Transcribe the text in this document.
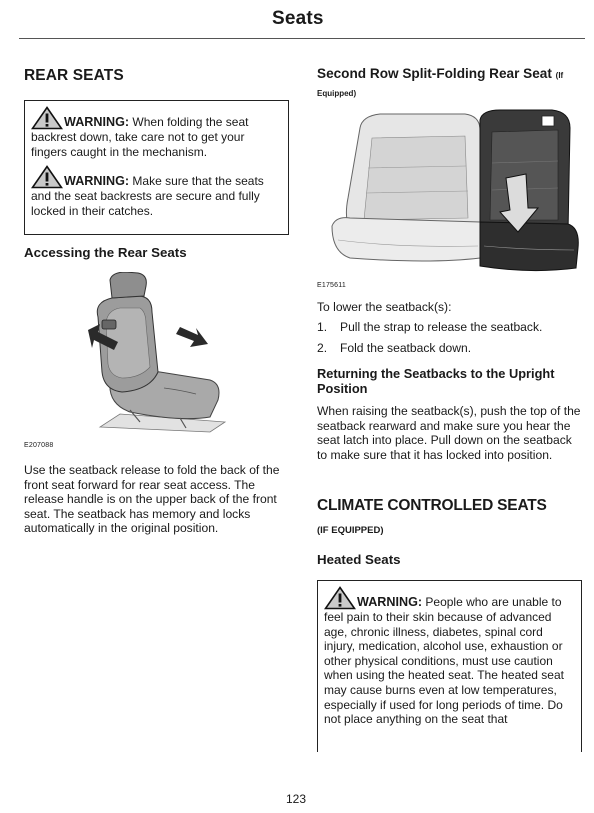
Seats
REAR SEATS

WARNING: When folding the seat backrest down, take care not to get your fingers caught in the mechanism.

WARNING: Make sure that the seats and the seat backrests are secure and fully locked in their catches.

Accessing the Rear Seats
E207088
Use the seatback release to fold the back of the front seat forward for rear seat access. The release handle is on the upper back of the front seat. The seatback has memory and locks automatically in the original position.
Second Row Split-Folding Rear Seat (If Equipped)
E175611
To lower the seatback(s):
1. Pull the strap to release the seatback.
2. Fold the seatback down.
Returning the Seatbacks to the Upright Position
When raising the seatback(s), push the top of the seatback rearward and make sure you hear the seat latch into place. Pull down on the seatback to make sure that it has locked into position.
CLIMATE CONTROLLED SEATS
(IF EQUIPPED)
Heated Seats

WARNING: People who are unable to feel pain to their skin because of advanced age, chronic illness, diabetes, spinal cord injury, medication, alcohol use, exhaustion or other physical conditions, must use caution when using the heated seat. The heated seat may cause burns even at low temperatures, especially if used for long periods of time. Do not place anything on the seat that

123
